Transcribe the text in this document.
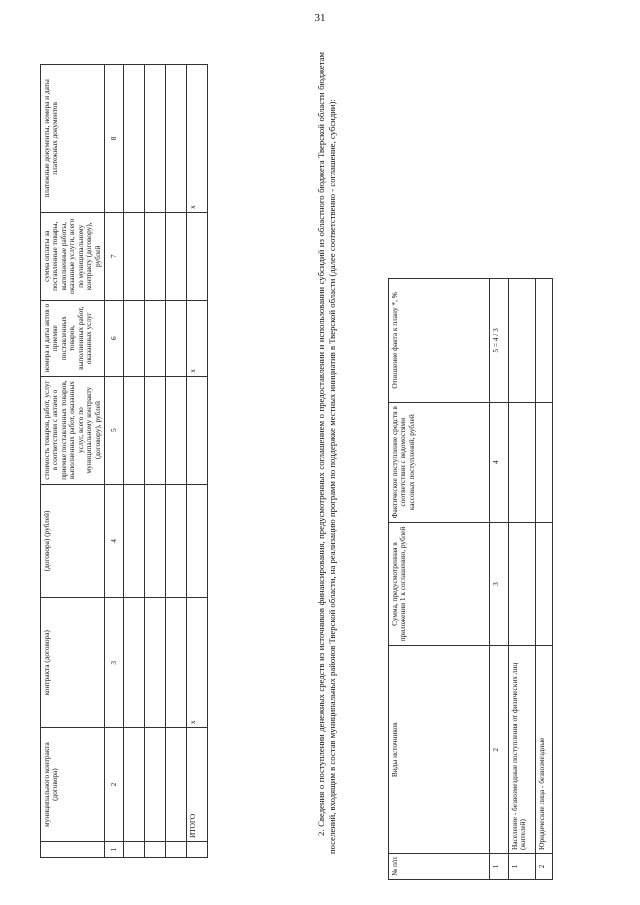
31
	муниципального контракта (договора)	контракта (договора)	(договора) (рублей)	стоимость товаров, работ, услуг в соответствии с актами о приемке поставленных товаров, выполненных работ, оказанных услуг, всего по муниципальному контракту (договору), рублей	номера и даты актов о приемке поставленных товаров, выполненных работ, оказанных услуг	сумма оплаты за поставленные товары, выполненные работы, оказанные услуги, всего по муниципальному контракту (договору), рублей	платежные документы, номера и даты платежных документов
1	2	3	4	5	6	7	8

	ИТОГО	х			х		х	2. Сведения о поступлении денежных средств из источников финансирования, предусмотренных соглашением о предоставлении и использовании субсидий из областного бюджета Тверской области бюджетам поселений, входящим в состав муниципальных районов Тверской области, на реализацию программ по поддержке местных инициатив в Тверской области (далее соответственно - соглашение, субсидии):

№ п/п	Виды источников	Сумма, предусмотренная в приложении 1 к соглашению, рублей	Фактическое поступление средств в соответствии с ведомостями кассовых поступлений, рублей	Отношение факта к плану *, %
1	2	3	4	5 = 4 / 3
1	Население - безвозмездные поступления от физических лиц (жителей)			
2	Юридические лица - безвозмездные			
